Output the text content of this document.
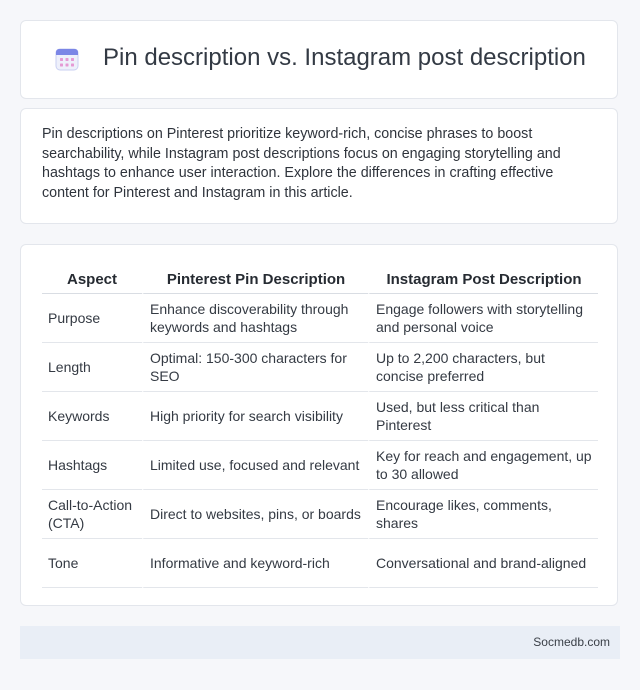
Pin description vs. Instagram post description
Pin descriptions on Pinterest prioritize keyword-rich, concise phrases to boost searchability, while Instagram post descriptions focus on engaging storytelling and hashtags to enhance user interaction. Explore the differences in crafting effective content for Pinterest and Instagram in this article.
Aspect	Pinterest Pin Description	Instagram Post Description
Purpose	Enhance discoverability through keywords and hashtags	Engage followers with storytelling and personal voice
Length	Optimal: 150-300 characters for SEO	Up to 2,200 characters, but concise preferred
Keywords	High priority for search visibility	Used, but less critical than Pinterest
Hashtags	Limited use, focused and relevant	Key for reach and engagement, up to 30 allowed
Call-to-Action (CTA)	Direct to websites, pins, or boards	Encourage likes, comments, shares
Tone	Informative and keyword-rich	Conversational and brand-aligned
Socmedb.com
